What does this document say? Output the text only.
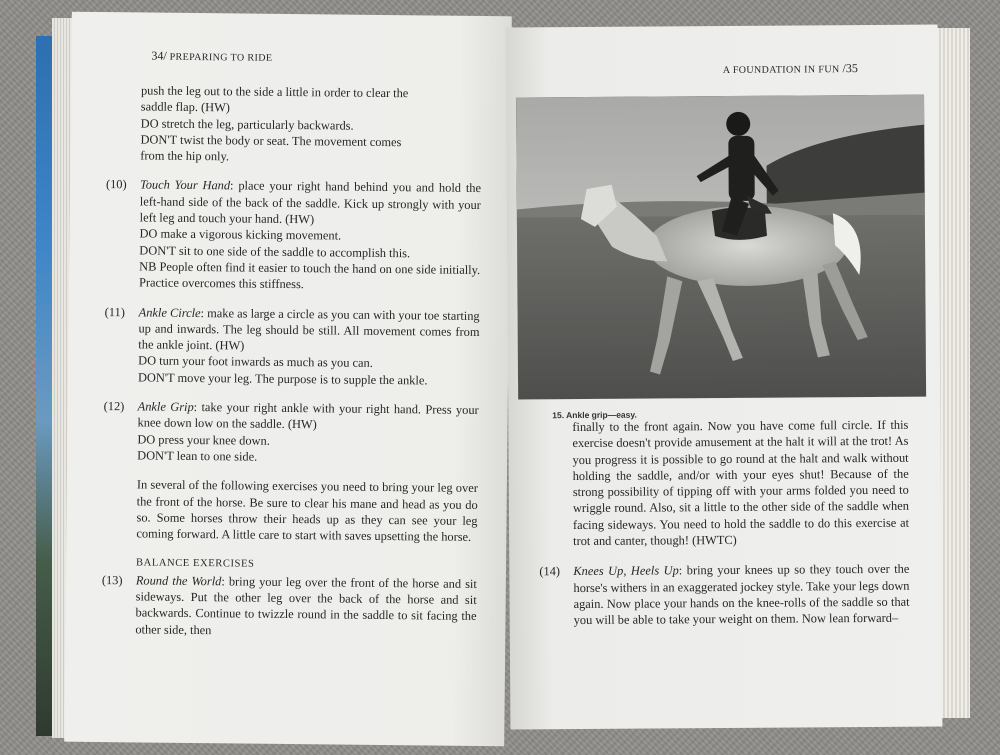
34/ PREPARING TO RIDE
push the leg out to the side a little in order to clear the
saddle flap. (HW)
DO stretch the leg, particularly backwards.
DON'T twist the body or seat. The movement comes
from the hip only.
(10)	Touch Your Hand: place your right hand behind you and hold the left-hand side of the back of the saddle. Kick up strongly with your left leg and touch your hand. (HW)
DO make a vigorous kicking movement.
DON'T sit to one side of the saddle to accomplish this.
NB People often find it easier to touch the hand on one side initially. Practice overcomes this stiffness.
(11)	Ankle Circle: make as large a circle as you can with your toe starting up and inwards. The leg should be still. All movement comes from the ankle joint. (HW)
DO turn your foot inwards as much as you can.
DON'T move your leg. The purpose is to supple the ankle.
(12)	Ankle Grip: take your right ankle with your right hand. Press your knee down low on the saddle. (HW)
DO press your knee down.
DON'T lean to one side.

In several of the following exercises you need to bring your leg over the front of the horse. Be sure to clear his mane and head as you do so. Some horses throw their heads up as they can see your leg coming forward. A little care to start with saves upsetting the horse.

BALANCE EXERCISES
(13)	Round the World: bring your leg over the front of the horse and sit sideways. Put the other leg over the back of the horse and sit backwards. Continue to twizzle round in the saddle to sit facing the other side, then
A FOUNDATION IN FUN /35
15. Ankle grip—easy.

finally to the front again. Now you have come full circle. If this exercise doesn't provide amusement at the halt it will at the trot! As you progress it is possible to go round at the halt and walk without holding the saddle, and/or with your eyes shut! Because of the strong possibility of tipping off with your arms folded you need to wriggle round. Also, sit a little to the other side of the saddle when facing sideways. You need to hold the saddle to do this exercise at trot and canter, though! (HWTC)

(14)	Knees Up, Heels Up: bring your knees up so they touch over the horse's withers in an exaggerated jockey style. Take your legs down again. Now place your hands on the knee-rolls of the saddle so that you will be able to take your weight on them. Now lean forward–
